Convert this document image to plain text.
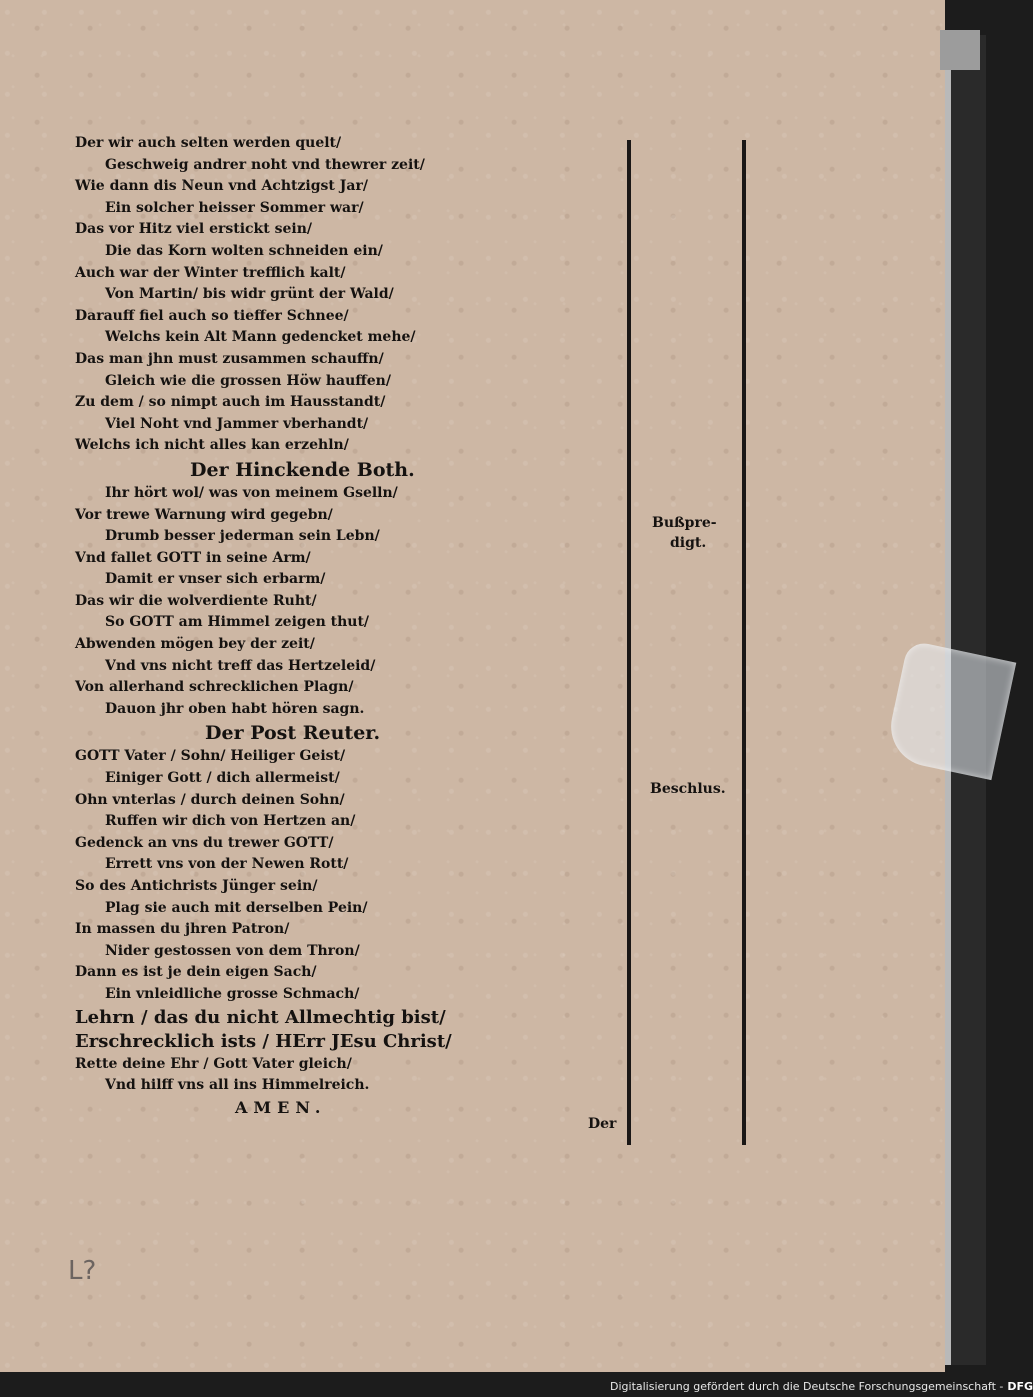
Der wir auch selten werden quelt/
Geschweig andrer noht vnd thewrer zeit/
Wie dann dis Neun vnd Achtzigst Jar/
Ein solcher heisser Sommer war/
Das vor Hitz viel erstickt sein/
Die das Korn wolten schneiden ein/
Auch war der Winter trefflich kalt/
Von Martin/ bis widr grünt der Wald/
Darauff fiel auch so tieffer Schnee/
Welchs kein Alt Mann gedencket mehe/
Das man jhn must zusammen schauffn/
Gleich wie die grossen Höw hauffen/
Zu dem / so nimpt auch im Hausstandt/
Viel Noht vnd Jammer vberhandt/
Welchs ich nicht alles kan erzehln/
Der Hinckende Both.
Ihr hört wol/ was von meinem Gselln/
Vor trewe Warnung wird gegebn/
Drumb besser jederman sein Lebn/
Vnd fallet GOTT in seine Arm/
Damit er vnser sich erbarm/
Das wir die wolverdiente Ruht/
So GOTT am Himmel zeigen thut/
Abwenden mögen bey der zeit/
Vnd vns nicht treff das Hertzeleid/
Von allerhand schrecklichen Plagn/
Dauon jhr oben habt hören sagn.
Der Post Reuter.
GOTT Vater / Sohn/ Heiliger Geist/
Einiger Gott / dich allermeist/
Ohn vnterlas / durch deinen Sohn/
Ruffen wir dich von Hertzen an/
Gedenck an vns du trewer GOTT/
Errett vns von der Newen Rott/
So des Antichrists Jünger sein/
Plag sie auch mit derselben Pein/
In massen du jhren Patron/
Nider gestossen von dem Thron/
Dann es ist je dein eigen Sach/
Ein vnleidliche grosse Schmach/
Lehrn / das du nicht Allmechtig bist/
Erschrecklich ists / HErr JEsu Christ/
Rette deine Ehr / Gott Vater gleich/
Vnd hilff vns all ins Himmelreich.
AMEN.
Bußpre-
digt.
Beschlus.
Der
L?
Digitalisierung gefördert durch die Deutsche Forschungsgemeinschaft - DFG
